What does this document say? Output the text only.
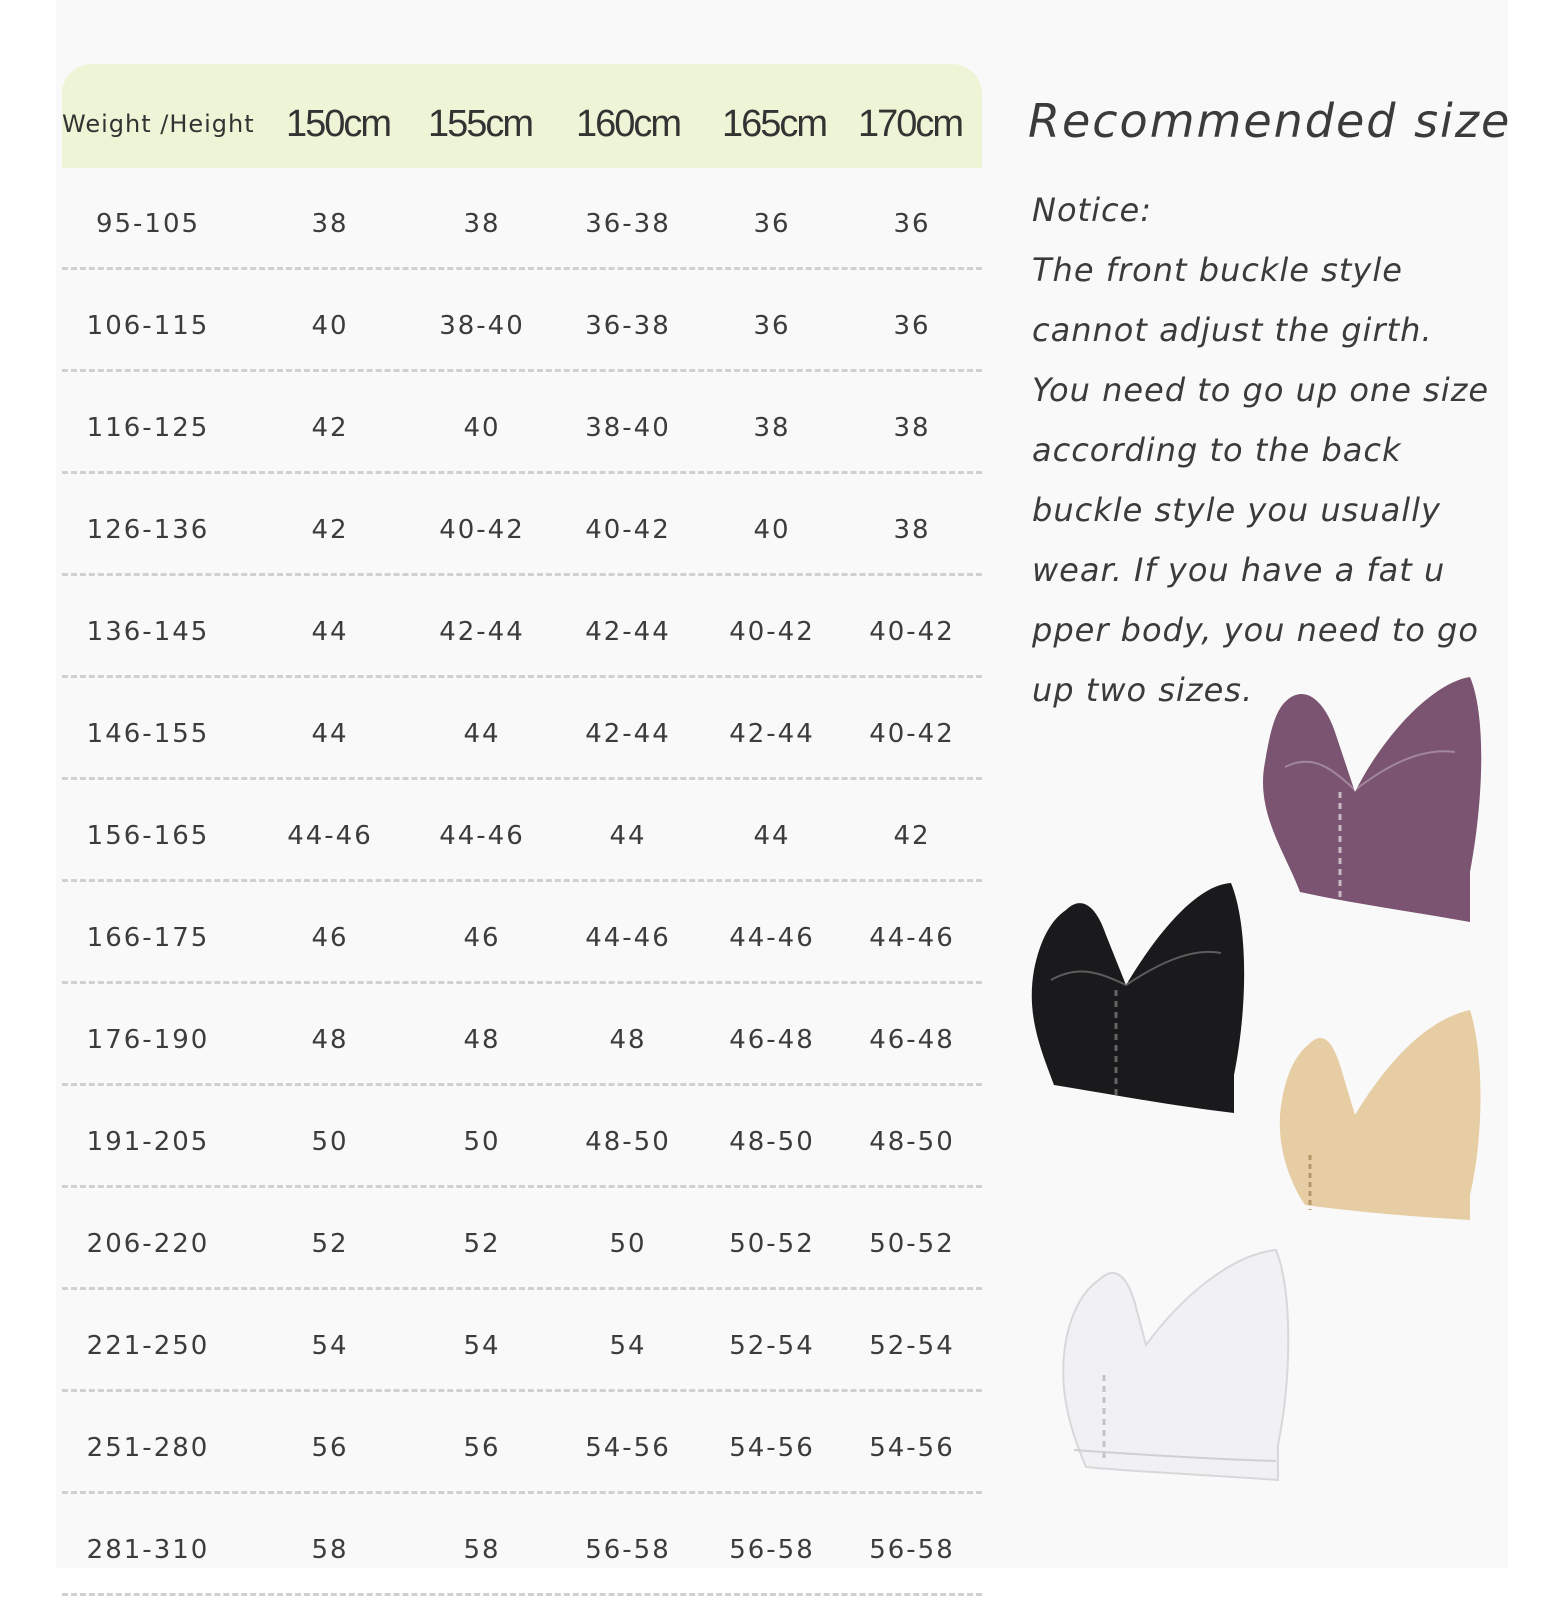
Weight /Height 150cm 155cm 160cm 165cm 170cm
95-105	38	38	36-38	36	36
106-115	40	38-40 36-38	36	36
116-125	42	40	38-40	38	38
126-136	42	40-42 40-42	40	38
136-145	44	42-44 42-44 40-42 40-42
146-155	44	44	42-44 42-44 40-42
156-165	44-46	44-46	44	44	42
166-175	46	46	44-46 44-46 44-46
176-190	48	48	48	46-48 46-48
191-205	50	50	48-50 48-50 48-50
206-220	52	52	50	50-52 50-52
221-250	54	54	54	52-54 52-54
251-280	56	56	54-56 54-56 54-56
281-310	58	58	56-58 56-58 56-58
Recommended size
Notice:
The front buckle style
cannot adjust the girth.
You need to go up one size
according to the back
buckle style you usually
wear. If you have a fat u
pper body, you need to go
up two sizes.
